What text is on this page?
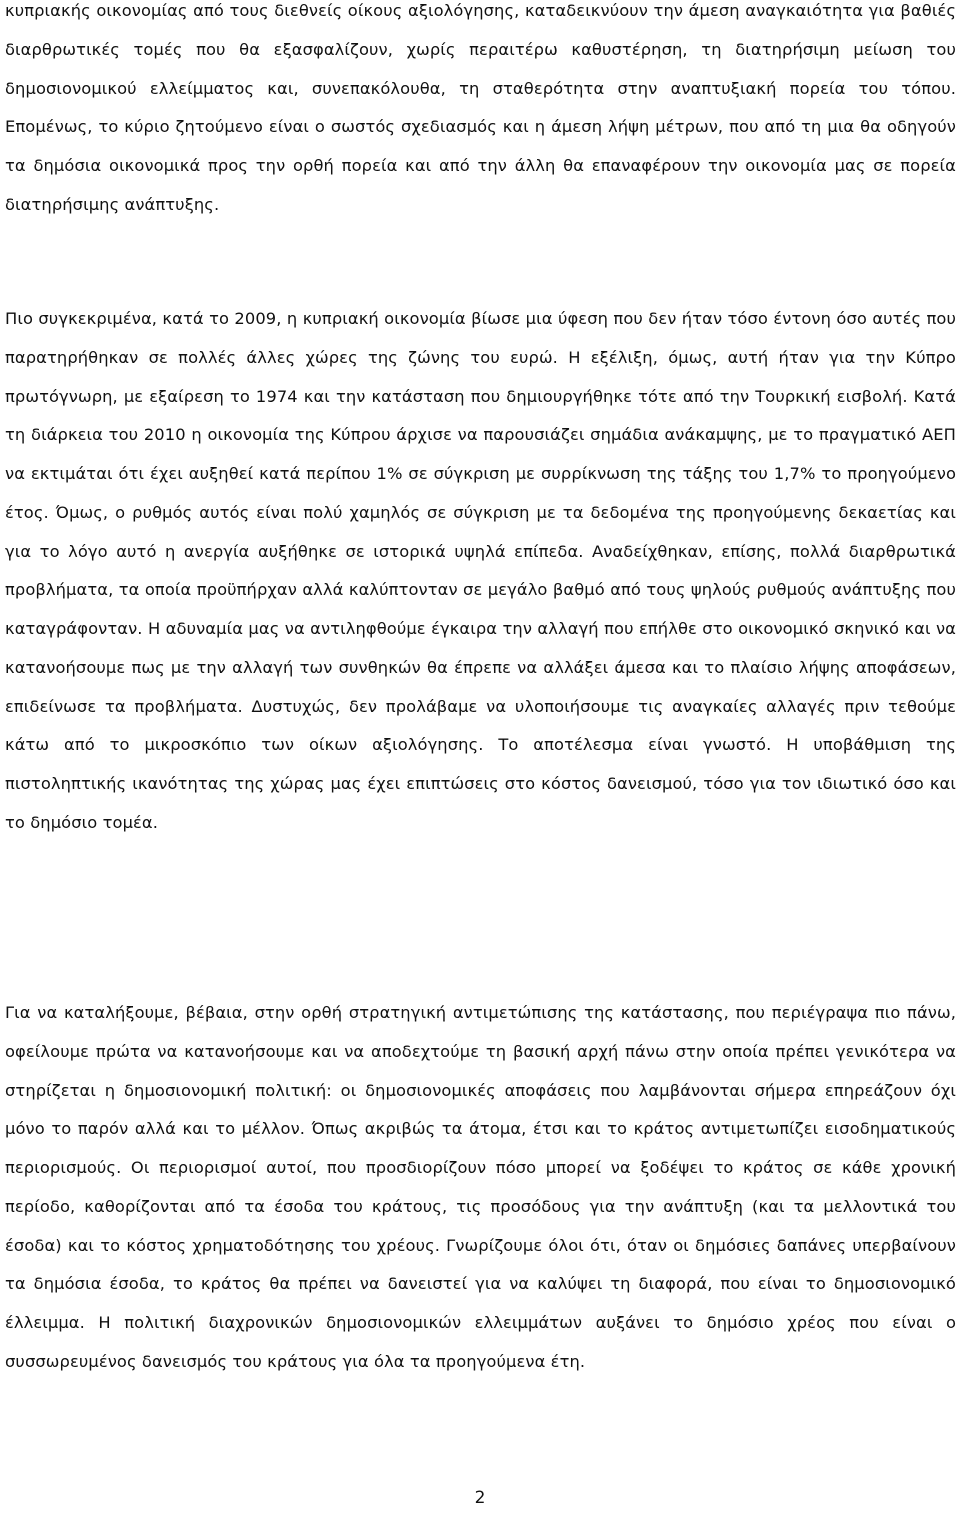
κυπριακής οικονομίας από τους διεθνείς οίκους αξιολόγησης, καταδεικνύουν την άμεση αναγκαιότητα για βαθιές διαρθρωτικές τομές που θα εξασφαλίζουν, χωρίς περαιτέρω καθυστέρηση, τη διατηρήσιμη μείωση του δημοσιονομικού ελλείμματος και, συνεπακόλουθα, τη σταθερότητα στην αναπτυξιακή πορεία του τόπου. Επομένως, το κύριο ζητούμενο είναι ο σωστός σχεδιασμός και η άμεση λήψη μέτρων, που από τη μια θα οδηγούν τα δημόσια οικονομικά προς την ορθή πορεία και από την άλλη θα επαναφέρουν την οικονομία μας σε πορεία διατηρήσιμης ανάπτυξης.

Πιο συγκεκριμένα, κατά το 2009, η κυπριακή οικονομία βίωσε μια ύφεση που δεν ήταν τόσο έντονη όσο αυτές που παρατηρήθηκαν σε πολλές άλλες χώρες της ζώνης του ευρώ. Η εξέλιξη, όμως, αυτή ήταν για την Κύπρο πρωτόγνωρη, με εξαίρεση το 1974 και την κατάσταση που δημιουργήθηκε τότε από την Τουρκική εισβολή. Κατά τη διάρκεια του 2010 η οικονομία της Κύπρου άρχισε να παρουσιάζει σημάδια ανάκαμψης, με το πραγματικό ΑΕΠ να εκτιμάται ότι έχει αυξηθεί κατά περίπου 1% σε σύγκριση με συρρίκνωση της τάξης του 1,7% το προηγούμενο έτος. Όμως, ο ρυθμός αυτός είναι πολύ χαμηλός σε σύγκριση με τα δεδομένα της προηγούμενης δεκαετίας και για το λόγο αυτό η ανεργία αυξήθηκε σε ιστορικά υψηλά επίπεδα. Αναδείχθηκαν, επίσης, πολλά διαρθρωτικά προβλήματα, τα οποία προϋπήρχαν αλλά καλύπτονταν σε μεγάλο βαθμό από τους ψηλούς ρυθμούς ανάπτυξης που καταγράφονταν. Η αδυναμία μας να αντιληφθούμε έγκαιρα την αλλαγή που επήλθε στο οικονομικό σκηνικό και να κατανοήσουμε πως με την αλλαγή των συνθηκών θα έπρεπε να αλλάξει άμεσα και το πλαίσιο λήψης αποφάσεων, επιδείνωσε τα προβλήματα. Δυστυχώς, δεν προλάβαμε να υλοποιήσουμε τις αναγκαίες αλλαγές πριν τεθούμε κάτω από το μικροσκόπιο των οίκων αξιολόγησης. Το αποτέλεσμα είναι γνωστό. Η υποβάθμιση της πιστοληπτικής ικανότητας της χώρας μας έχει επιπτώσεις στο κόστος δανεισμού, τόσο για τον ιδιωτικό όσο και το δημόσιο τομέα.

Για να καταλήξουμε, βέβαια, στην ορθή στρατηγική αντιμετώπισης της κατάστασης, που περιέγραψα πιο πάνω, οφείλουμε πρώτα να κατανοήσουμε και να αποδεχτούμε τη βασική αρχή πάνω στην οποία πρέπει γενικότερα να στηρίζεται η δημοσιονομική πολιτική: οι δημοσιονομικές αποφάσεις που λαμβάνονται σήμερα επηρεάζουν όχι μόνο το παρόν αλλά και το μέλλον. Όπως ακριβώς τα άτομα, έτσι και το κράτος αντιμετωπίζει εισοδηματικούς περιορισμούς. Οι περιορισμοί αυτοί, που προσδιορίζουν πόσο μπορεί να ξοδέψει το κράτος σε κάθε χρονική περίοδο, καθορίζονται από τα έσοδα του κράτους, τις προσόδους για την ανάπτυξη (και τα μελλοντικά του έσοδα) και το κόστος χρηματοδότησης του χρέους. Γνωρίζουμε όλοι ότι, όταν οι δημόσιες δαπάνες υπερβαίνουν τα δημόσια έσοδα, το κράτος θα πρέπει να δανειστεί για να καλύψει τη διαφορά, που είναι το δημοσιονομικό έλλειμμα. Η πολιτική διαχρονικών δημοσιονομικών ελλειμμάτων αυξάνει το δημόσιο χρέος που είναι ο συσσωρευμένος δανεισμός του κράτους για όλα τα προηγούμενα έτη.

2
